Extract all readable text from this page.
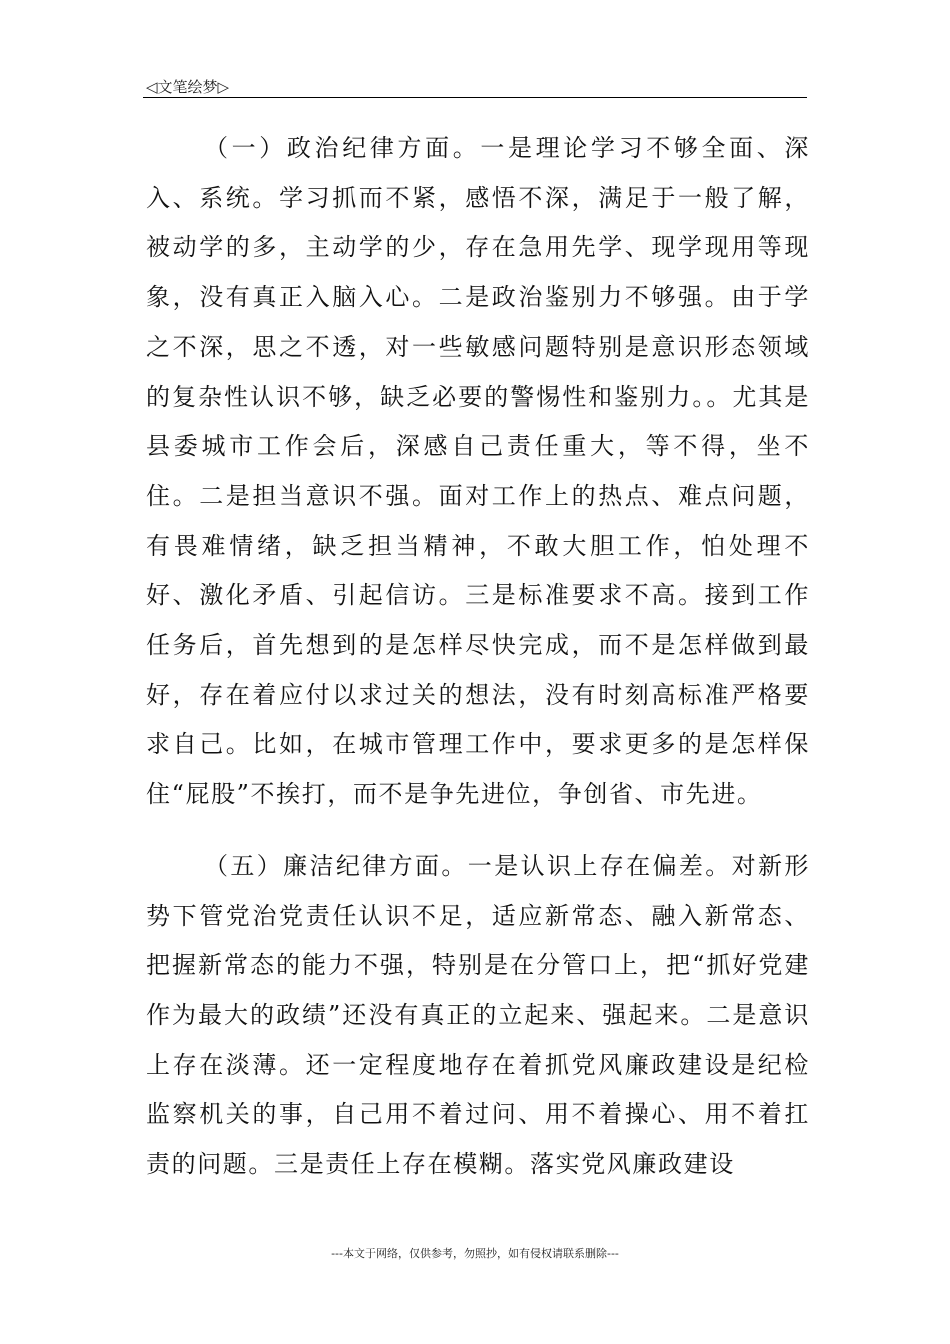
◁文笔绘梦▷

（一）政治纪律方面。一是理论学习不够全面、深入、系统。学习抓而不紧，感悟不深，满足于一般了解，被动学的多，主动学的少，存在急用先学、现学现用等现象，没有真正入脑入心。二是政治鉴别力不够强。由于学之不深，思之不透，对一些敏感问题特别是意识形态领域的复杂性认识不够，缺乏必要的警惕性和鉴别力。。尤其是县委城市工作会后，深感自己责任重大，等不得，坐不住。二是担当意识不强。面对工作上的热点、难点问题，有畏难情绪，缺乏担当精神，不敢大胆工作，怕处理不好、激化矛盾、引起信访。三是标准要求不高。接到工作任务后，首先想到的是怎样尽快完成，而不是怎样做到最好，存在着应付以求过关的想法，没有时刻高标准严格要求自己。比如，在城市管理工作中，要求更多的是怎样保住“屁股”不挨打，而不是争先进位，争创省、市先进。

（五）廉洁纪律方面。一是认识上存在偏差。对新形势下管党治党责任认识不足，适应新常态、融入新常态、把握新常态的能力不强，特别是在分管口上，把“抓好党建作为最大的政绩”还没有真正的立起来、强起来。二是意识上存在淡薄。还一定程度地存在着抓党风廉政建设是纪检监察机关的事，自己用不着过问、用不着操心、用不着扛责的问题。三是责任上存在模糊。落实党风廉政建设

---本文于网络，仅供参考，勿照抄，如有侵权请联系删除---
